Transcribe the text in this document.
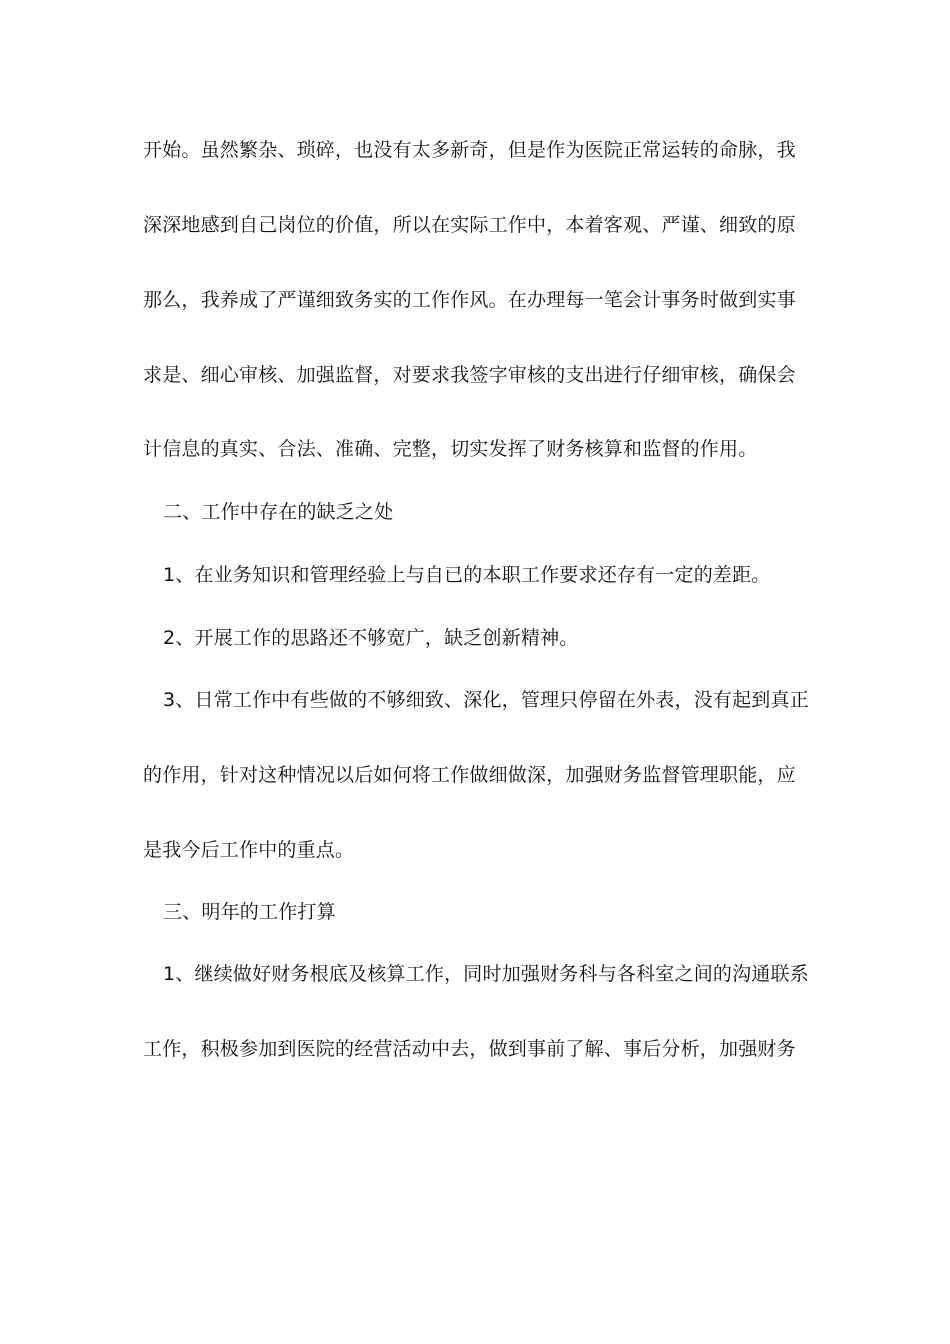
开始。虽然繁杂、琐碎，也没有太多新奇，但是作为医院正常运转的命脉，我

深深地感到自己岗位的价值，所以在实际工作中，本着客观、严谨、细致的原

那么，我养成了严谨细致务实的工作作风。在办理每一笔会计事务时做到实事

求是、细心审核、加强监督，对要求我签字审核的支出进行仔细审核，确保会

计信息的真实、合法、准确、完整，切实发挥了财务核算和监督的作用。

二、工作中存在的缺乏之处

1、在业务知识和管理经验上与自已的本职工作要求还存有一定的差距。

2、开展工作的思路还不够宽广，缺乏创新精神。

3、日常工作中有些做的不够细致、深化，管理只停留在外表，没有起到真正

的作用，针对这种情况以后如何将工作做细做深，加强财务监督管理职能，应

是我今后工作中的重点。

三、明年的工作打算

1、继续做好财务根底及核算工作，同时加强财务科与各科室之间的沟通联系

工作，积极参加到医院的经营活动中去，做到事前了解、事后分析，加强财务
